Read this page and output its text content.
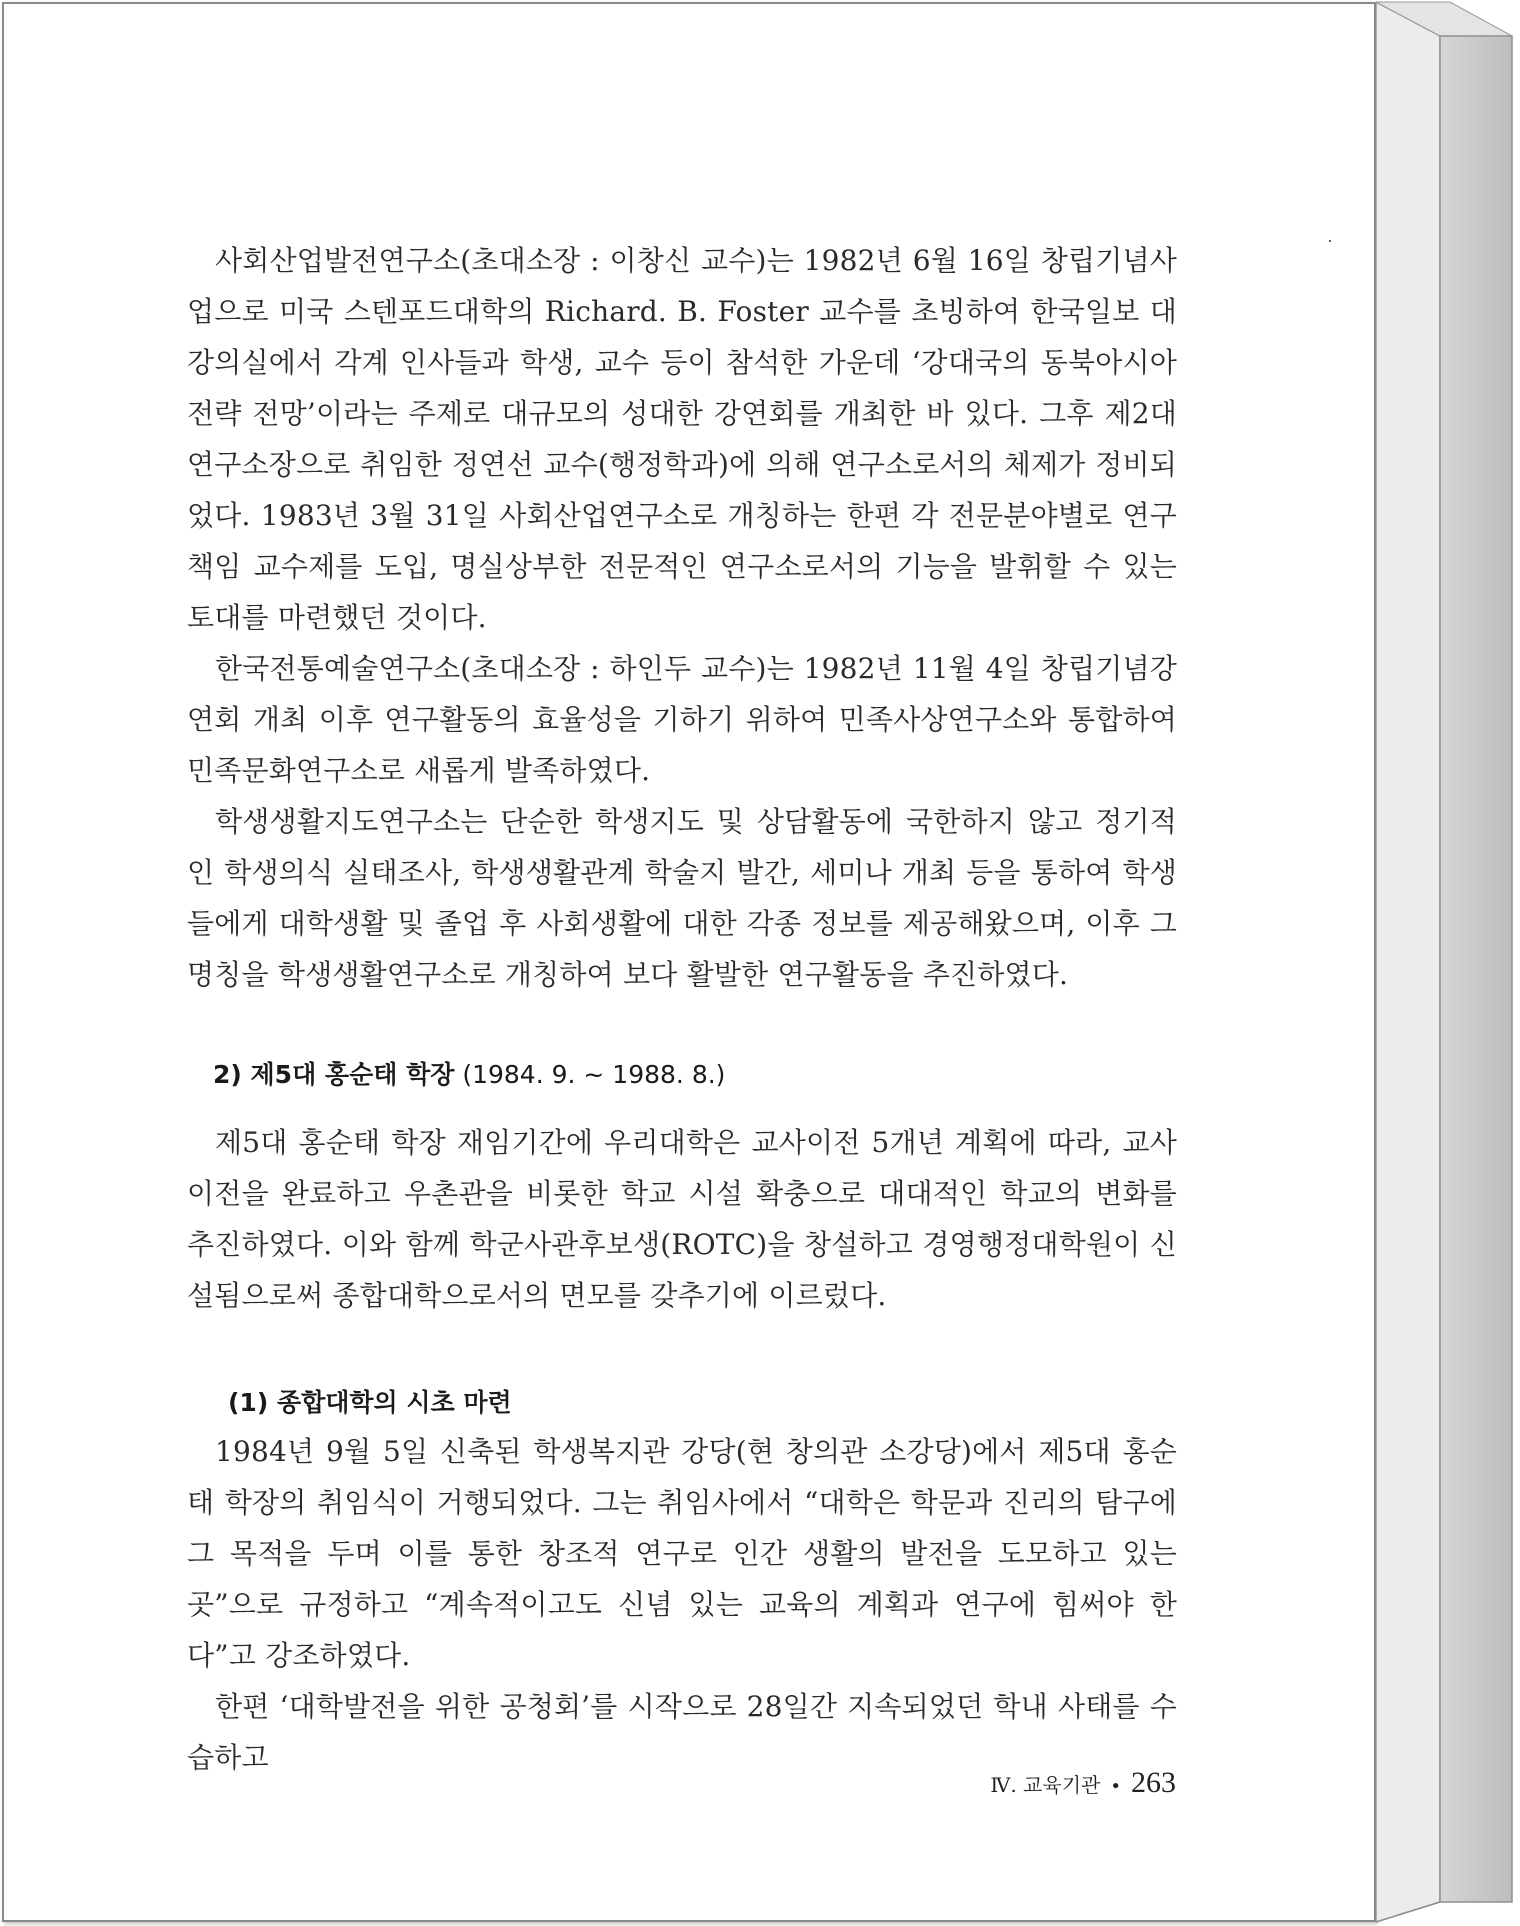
사회산업발전연구소(초대소장 : 이창신 교수)는 1982년 6월 16일 창립기념사업으로 미국 스텐포드대학의 Richard. B. Foster 교수를 초빙하여 한국일보 대강의실에서 각계 인사들과 학생, 교수 등이 참석한 가운데 ‘강대국의 동북아시아 전략 전망’이라는 주제로 대규모의 성대한 강연회를 개최한 바 있다. 그후 제2대 연구소장으로 취임한 정연선 교수(행정학과)에 의해 연구소로서의 체제가 정비되었다. 1983년 3월 31일 사회산업연구소로 개칭하는 한편 각 전문분야별로 연구책임 교수제를 도입, 명실상부한 전문적인 연구소로서의 기능을 발휘할 수 있는 토대를 마련했던 것이다.

한국전통예술연구소(초대소장 : 하인두 교수)는 1982년 11월 4일 창립기념강연회 개최 이후 연구활동의 효율성을 기하기 위하여 민족사상연구소와 통합하여 민족문화연구소로 새롭게 발족하였다.

학생생활지도연구소는 단순한 학생지도 및 상담활동에 국한하지 않고 정기적인 학생의식 실태조사, 학생생활관계 학술지 발간, 세미나 개최 등을 통하여 학생들에게 대학생활 및 졸업 후 사회생활에 대한 각종 정보를 제공해왔으며, 이후 그 명칭을 학생생활연구소로 개칭하여 보다 활발한 연구활동을 추진하였다.

2) 제5대 홍순태 학장 (1984. 9. ~ 1988. 8.)

제5대 홍순태 학장 재임기간에 우리대학은 교사이전 5개년 계획에 따라, 교사 이전을 완료하고 우촌관을 비롯한 학교 시설 확충으로 대대적인 학교의 변화를 추진하였다. 이와 함께 학군사관후보생(ROTC)을 창설하고 경영행정대학원이 신설됨으로써 종합대학으로서의 면모를 갖추기에 이르렀다.

(1) 종합대학의 시초 마련

1984년 9월 5일 신축된 학생복지관 강당(현 창의관 소강당)에서 제5대 홍순태 학장의 취임식이 거행되었다. 그는 취임사에서 “대학은 학문과 진리의 탐구에 그 목적을 두며 이를 통한 창조적 연구로 인간 생활의 발전을 도모하고 있는 곳”으로 규정하고 “계속적이고도 신념 있는 교육의 계획과 연구에 힘써야 한다”고 강조하였다.

한편 ‘대학발전을 위한 공청회’를 시작으로 28일간 지속되었던 학내 사태를 수습하고

Ⅳ. 교육기관 • 263
